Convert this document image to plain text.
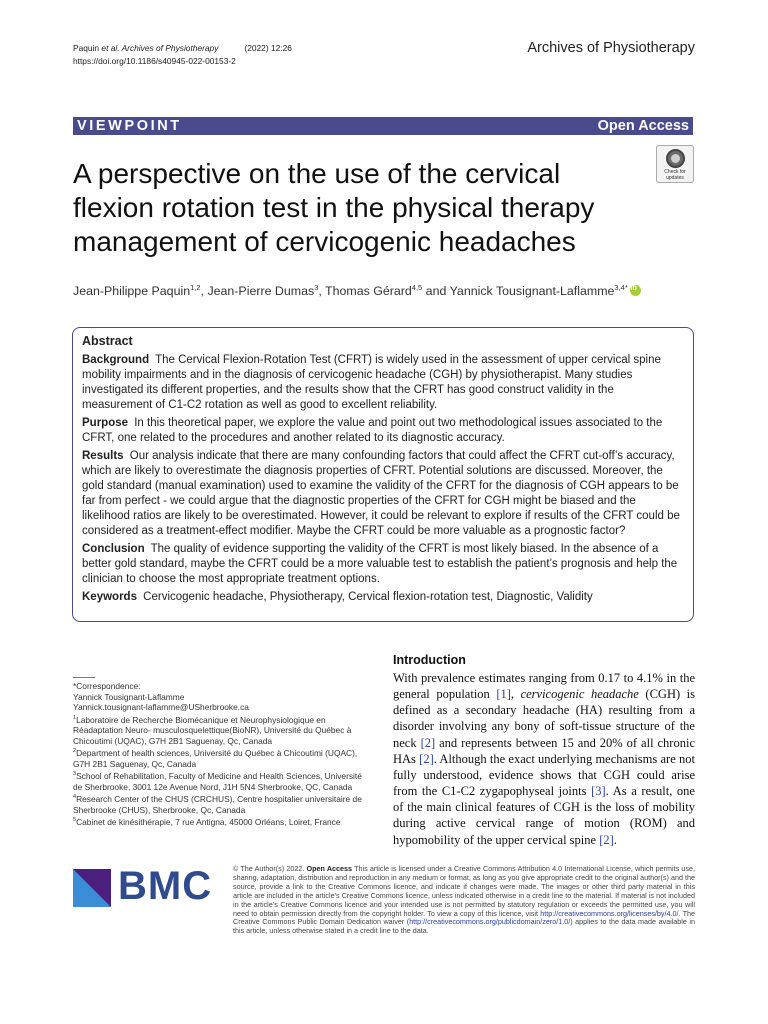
Paquin et al. Archives of Physiotherapy	(2022) 12:26
https://doi.org/10.1186/s40945-022-00153-2
Archives of Physiotherapy
VIEWPOINT	Open Access
A perspective on the use of the cervical flexion rotation test in the physical therapy management of cervicogenic headaches
Check for
updates
Jean-Philippe Paquin$^{1,2}$, Jean-Pierre Dumas$^3$, Thomas Gérard$^{4,5}$ and Yannick Tousignant-Laflamme$^{3,4*}$iD
Abstract

Background The Cervical Flexion-Rotation Test (CFRT) is widely used in the assessment of upper cervical spine mobility impairments and in the diagnosis of cervicogenic headache (CGH) by physiotherapist. Many studies investigated its different properties, and the results show that the CFRT has good construct validity in the measurement of C1-C2 rotation as well as good to excellent reliability.

Purpose In this theoretical paper, we explore the value and point out two methodological issues associated to the CFRT, one related to the procedures and another related to its diagnostic accuracy.

Results Our analysis indicate that there are many confounding factors that could affect the CFRT cut-off’s accuracy, which are likely to overestimate the diagnosis properties of CFRT. Potential solutions are discussed. Moreover, the gold standard (manual examination) used to examine the validity of the CFRT for the diagnosis of CGH appears to be far from perfect - we could argue that the diagnostic properties of the CFRT for CGH might be biased and the likelihood ratios are likely to be overestimated. However, it could be relevant to explore if results of the CFRT could be considered as a treatment-effect modifier. Maybe the CFRT could be more valuable as a prognostic factor?

Conclusion The quality of evidence supporting the validity of the CFRT is most likely biased. In the absence of a better gold standard, maybe the CFRT could be a more valuable test to establish the patient’s prognosis and help the clinician to choose the most appropriate treatment options.

Keywords Cervicogenic headache, Physiotherapy, Cervical flexion-rotation test, Diagnostic, Validity

*Correspondence:
Yannick Tousignant-Laflamme
Yannick.tousignant-laflamme@USherbrooke.ca
$^1$Laboratoire de Recherche Biomécanique et Neurophysiologique en Réadaptation Neuro- musculosquelettique(BioNR), Université du Québec à Chicoutimi (UQAC), G7H 2B1 Saguenay, Qc, Canada
$^2$Department of health sciences, Université du Québec à Chicoutimi (UQAC), G7H 2B1 Saguenay, Qc, Canada
$^3$School of Rehabilitation, Faculty of Medicine and Health Sciences, Université de Sherbrooke, 3001 12e Avenue Nord, J1H 5N4 Sherbrooke, QC, Canada
$^4$Research Center of the CHUS (CRCHUS), Centre hospitalier universitaire de Sherbrooke (CHUS), Sherbrooke, Qc, Canada
$^5$Cabinet de kinésithérapie, 7 rue Antigna, 45000 Orléans, Loiret, France
Introduction
With prevalence estimates ranging from 0.17 to 4.1% in the general population [1], cervicogenic headache (CGH) is defined as a secondary headache (HA) resulting from a disorder involving any bony of soft-tissue structure of the neck [2] and represents between 15 and 20% of all chronic HAs [2]. Although the exact underlying mechanisms are not fully understood, evidence shows that CGH could arise from the C1-C2 zygapophyseal joints [3]. As a result, one of the main clinical features of CGH is the loss of mobility during active cervical range of motion (ROM) and hypomobility of the upper cervical spine [2].
BMC	© The Author(s) 2022. Open Access This article is licensed under a Creative Commons Attribution 4.0 International License, which permits use, sharing, adaptation, distribution and reproduction in any medium or format, as long as you give appropriate credit to the original author(s) and the source, provide a link to the Creative Commons licence, and indicate if changes were made. The images or other third party material in this article are included in the article’s Creative Commons licence, unless indicated otherwise in a credit line to the material. If material is not included in the article’s Creative Commons licence and your intended use is not permitted by statutory regulation or exceeds the permitted use, you will need to obtain permission directly from the copyright holder. To view a copy of this licence, visit http://creativecommons.org/licenses/by/4.0/. The Creative Commons Public Domain Dedication waiver (http://creativecommons.org/publicdomain/zero/1.0/) applies to the data made available in this article, unless otherwise stated in a credit line to the data.
